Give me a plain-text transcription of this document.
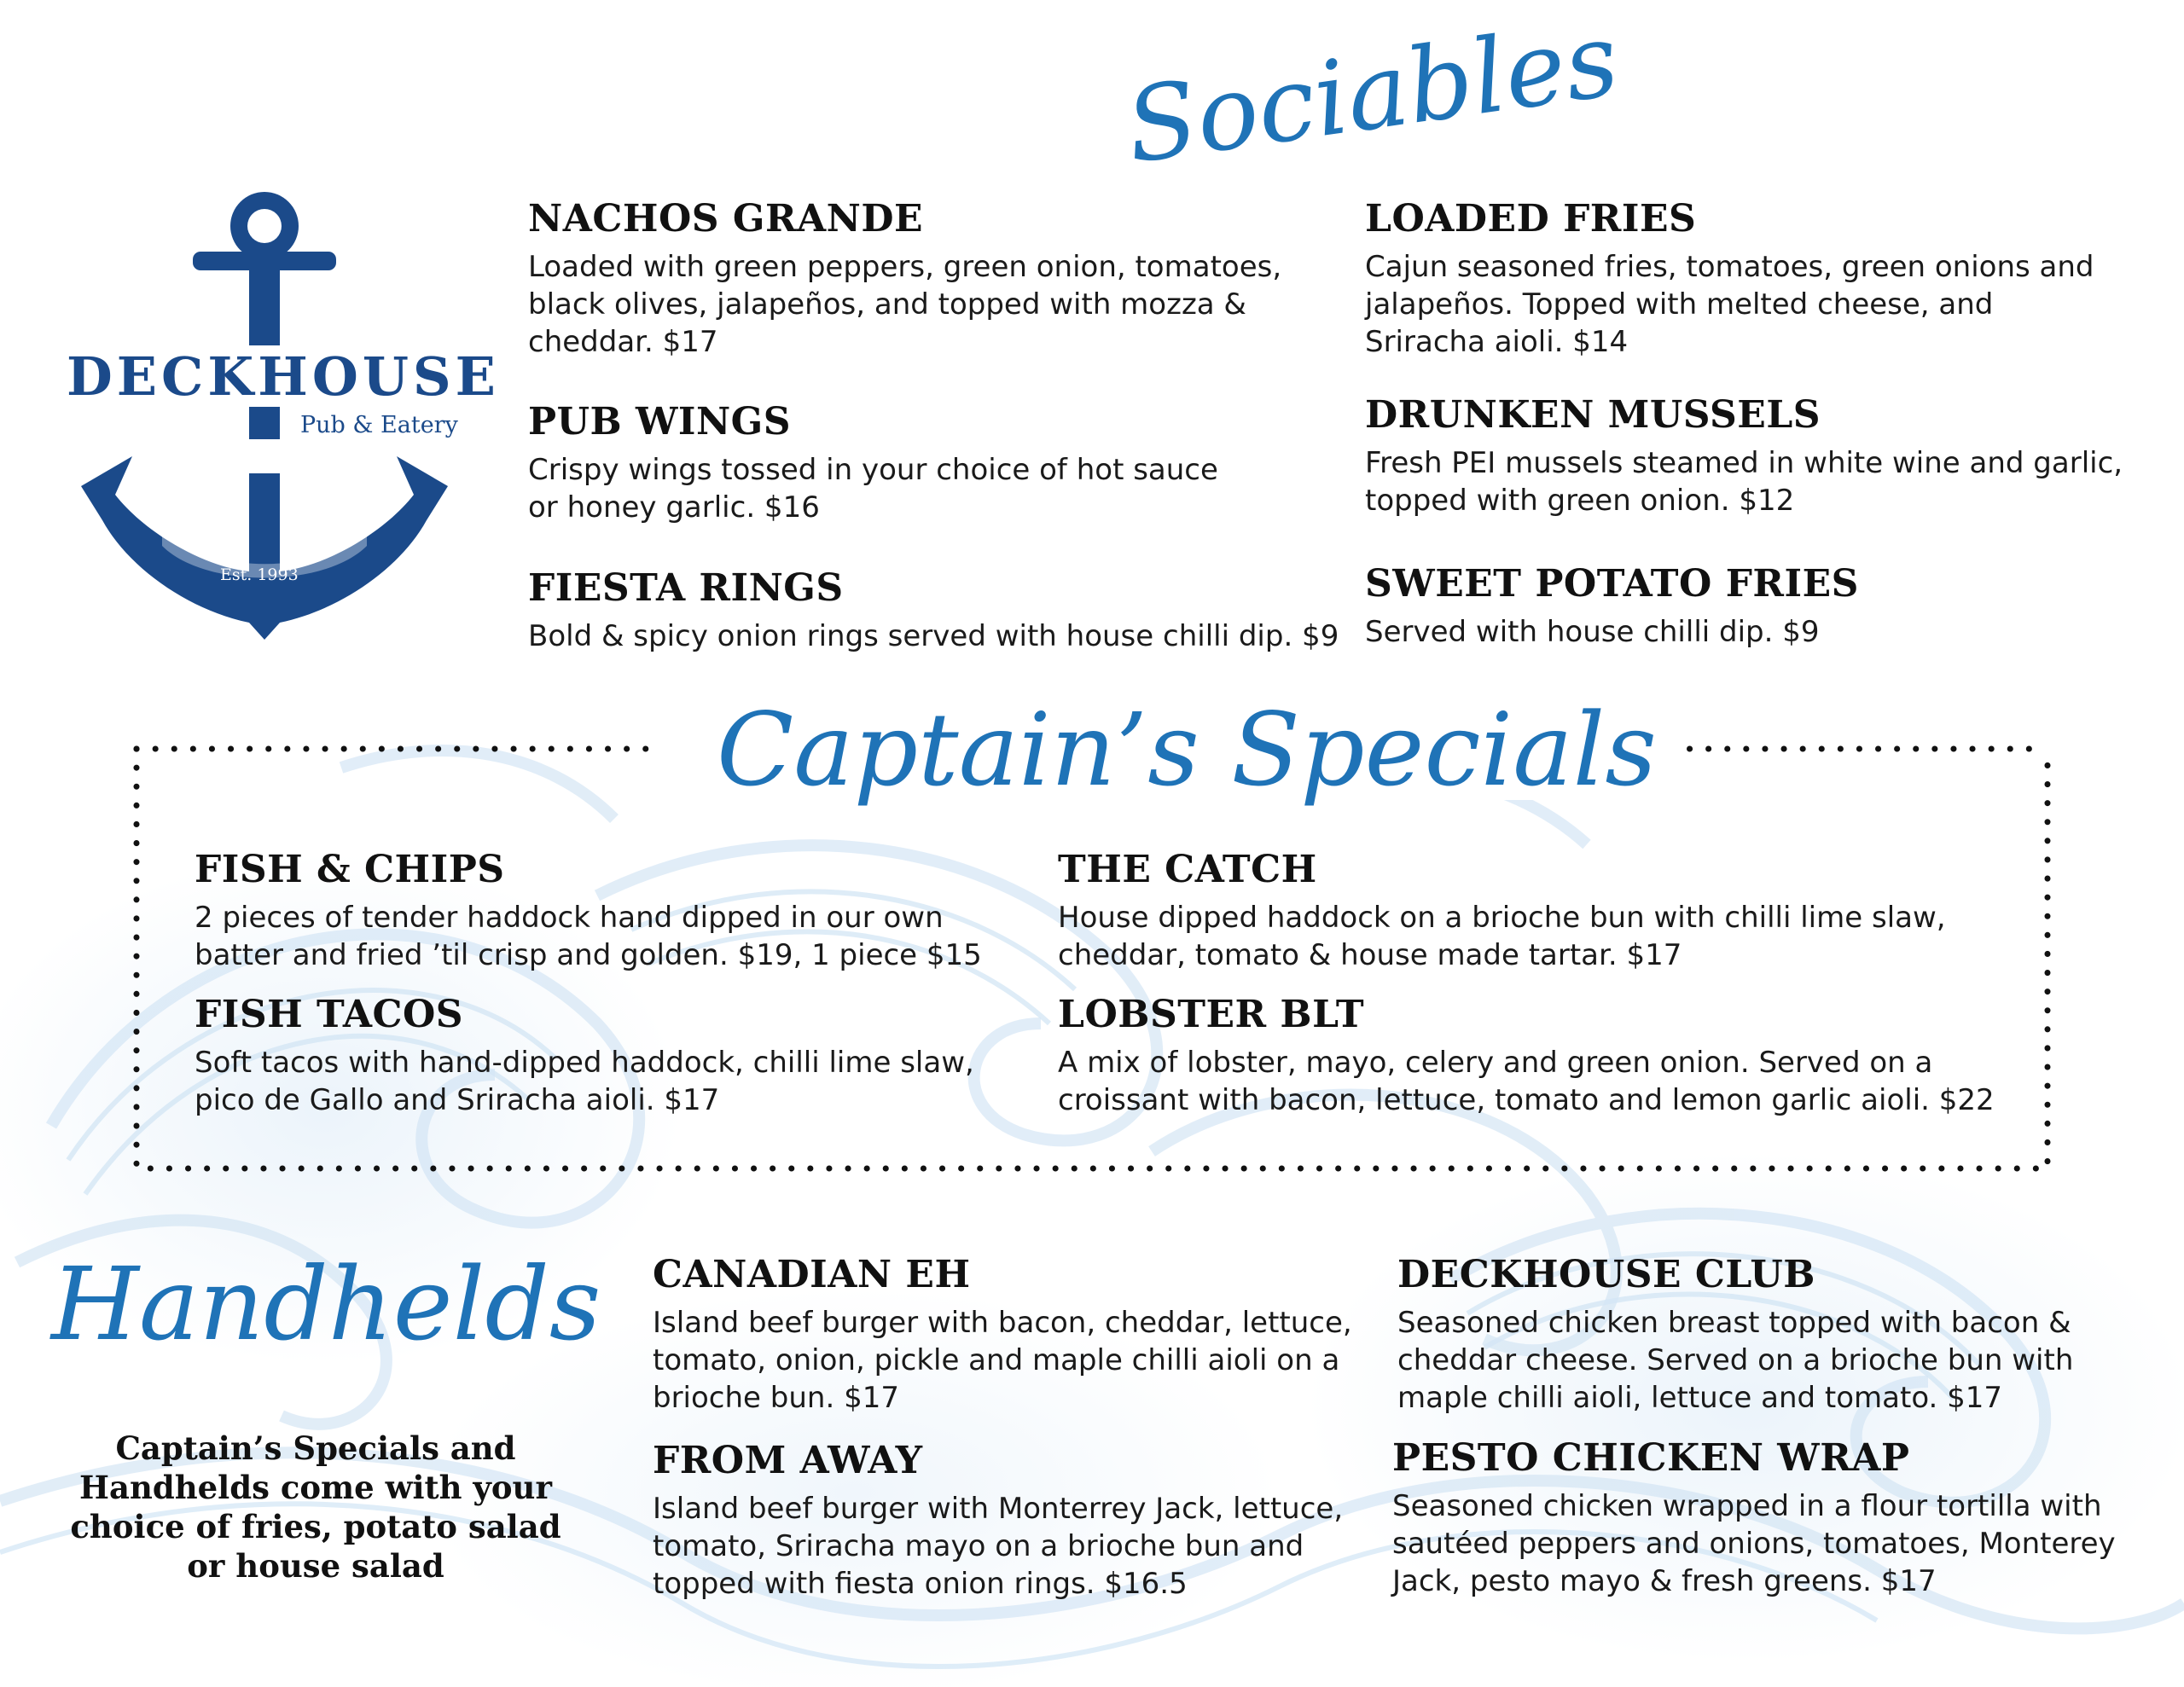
DECKHOUSE
Pub & Eatery
Est. 1993
Sociables
Captain’s Specials
Handhelds
NACHOS GRANDE

Loaded with green peppers, green onion, tomatoes, black olives, jalapeños, and topped with mozza & cheddar. $17

PUB WINGS

Crispy wings tossed in your choice of hot sauce or honey garlic. $16

FIESTA RINGS

Bold & spicy onion rings served with house chilli dip. $9

LOADED FRIES

Cajun seasoned fries, tomatoes, green onions and jalapeños. Topped with melted cheese, and Sriracha aioli. $14

DRUNKEN MUSSELS

Fresh PEI mussels steamed in white wine and garlic, topped with green onion. $12

SWEET POTATO FRIES

Served with house chilli dip. $9

FISH & CHIPS

2 pieces of tender haddock hand dipped in our own batter and fried ’til crisp and golden. $19, 1 piece $15

FISH TACOS

Soft tacos with hand-dipped haddock, chilli lime slaw, pico de Gallo and Sriracha aioli. $17

THE CATCH

House dipped haddock on a brioche bun with chilli lime slaw, cheddar, tomato & house made tartar. $17

LOBSTER BLT

A mix of lobster, mayo, celery and green onion. Served on a croissant with bacon, lettuce, tomato and lemon garlic aioli. $22

CANADIAN EH

Island beef burger with bacon, cheddar, lettuce, tomato, onion, pickle and maple chilli aioli on a brioche bun. $17

FROM AWAY

Island beef burger with Monterrey Jack, lettuce, tomato, Sriracha mayo on a brioche bun and topped with fiesta onion rings. $16.5

DECKHOUSE CLUB

Seasoned chicken breast topped with bacon & cheddar cheese. Served on a brioche bun with maple chilli aioli, lettuce and tomato. $17

PESTO CHICKEN WRAP

Seasoned chicken wrapped in a flour tortilla with sautéed peppers and onions, tomatoes, Monterey Jack, pesto mayo & fresh greens. $17

Captain’s Specials and Handhelds come with your choice of fries, potato salad or house salad
